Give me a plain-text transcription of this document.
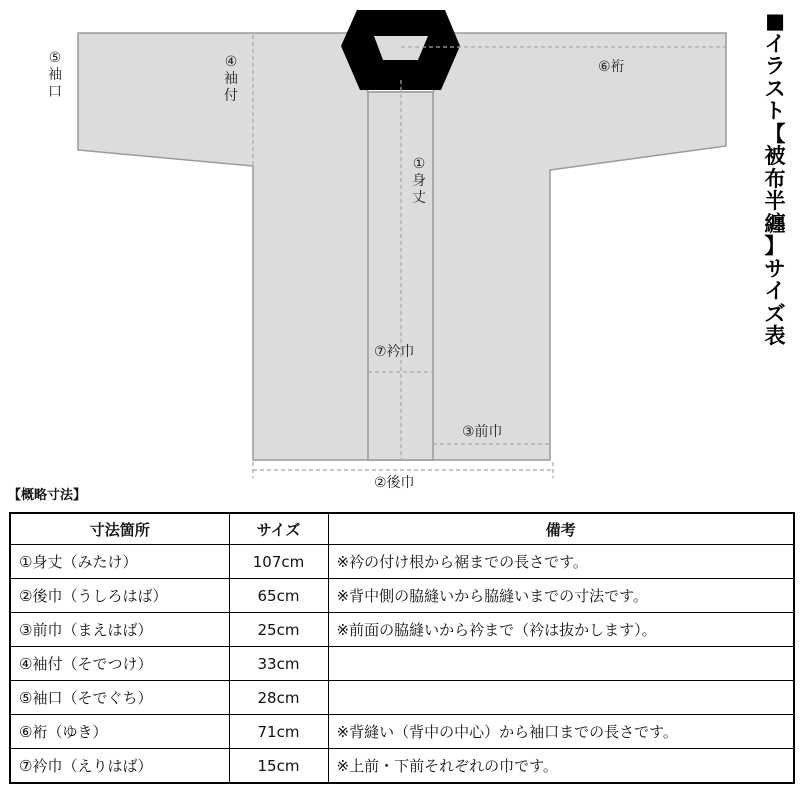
⑤
袖
口
④
袖
付
①
身
丈
⑥裄
⑦衿巾
③前巾
②後巾
■
イ
ラ
ス
ト
【
被
布
半
纏
】
サ
イ
ズ
表
【概略寸法】
寸法箇所	サイズ	備考
①身丈（みたけ）	107cm	※衿の付け根から裾までの長さです。
②後巾（うしろはば）	65cm	※背中側の脇縫いから脇縫いまでの寸法です。
③前巾（まえはば）	25cm	※前面の脇縫いから衿まで（衿は抜かします）。
④袖付（そでつけ）	33cm	
⑤袖口（そでぐち）	28cm	
⑥裄（ゆき）	71cm	※背縫い（背中の中心）から袖口までの長さです。
⑦衿巾（えりはば）	15cm	※上前・下前それぞれの巾です。
